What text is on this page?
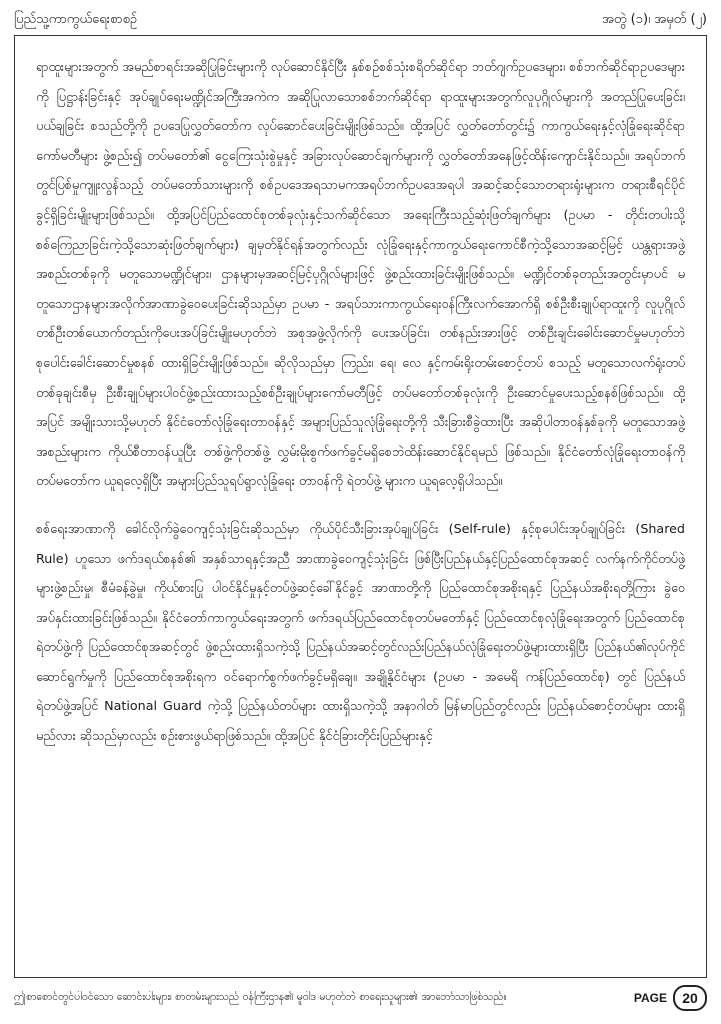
ပြည်သူ့ကာကွယ်ရေးစာစဉ်	အတွဲ (၁)၊ အမှတ် (၂)

ရာထူးများအတွက် အမည်စာရင်းအဆိုပြုခြင်းများကို လုပ်ဆောင်နိုင်ပြီး နှစ်စဉ်စစ်သုံးစရိတ်ဆိုင်ရာ ဘတ်ဂျက်ဥပဒေများ၊ စစ်ဘက်ဆိုင်ရာဥပဒေများကို ပြဋ္ဌာန်းခြင်းနှင့် အုပ်ချုပ်ရေးမဏ္ဍိုင်အကြီးအကဲက အဆိုပြုလာသောစစ်ဘက်ဆိုင်ရာ ရာထူးများအတွက်လူပုဂ္ဂိုလ်များကို အတည်ပြုပေးခြင်း၊ ပယ်ချခြင်း စသည်တို့ကို ဥပဒေပြုလွှတ်တော်က လုပ်ဆောင်ပေးခြင်းမျိုးဖြစ်သည်။ ထို့အပြင် လွှတ်တော်တွင်း၌ ကာကွယ်ရေးနှင့်လုံခြုံရေးဆိုင်ရာကော်မတီများ ဖွဲ့စည်း၍ တပ်မတော်၏ ငွေကြေးသုံးစွဲမှုနှင့် အခြားလုပ်ဆောင်ချက်များကို လွှတ်တော်အနေဖြင့်ထိန်းကျောင်းနိုင်သည်။ အရပ်ဘက်တွင်ပြစ်မှုကျူးလွန်သည့် တပ်မတော်သားများကို စစ်ဥပဒေအရသာမကအရပ်ဘက်ဥပဒေအရပါ အဆင့်ဆင့်သောတရားရုံးများက တရားစီရင်ပိုင်ခွင့်ရှိခြင်းမျိုးများဖြစ်သည်။ ထို့အပြင်ပြည်ထောင်စုတစ်ခုလုံးနှင့်သက်ဆိုင်သော အရေးကြီးသည့်ဆုံးဖြတ်ချက်များ (ဥပမာ - တိုင်းတပါးသို့စစ်ကြေညာခြင်းကဲ့သို့သောဆုံးဖြတ်ချက်များ) ချမှတ်နိုင်ရန်အတွက်လည်း လုံခြုံရေးနှင့်ကာကွယ်ရေးကောင်စီကဲ့သို့သောအဆင့်မြင့် ယန္တရားအဖွဲ့အစည်းတစ်ခုကို မတူသောမဏ္ဍိုင်များ၊ ဌာနများမှအဆင့်မြင့်ပုဂ္ဂိုလ်များဖြင့် ဖွဲ့စည်းထားခြင်းမျိုးဖြစ်သည်။ မဏ္ဍိုင်တစ်ခုတည်းအတွင်းမှာပင် မတူသောဌာနများအလိုက်အာဏာခွဲဝေပေးခြင်းဆိုသည်မှာ ဥပမာ - အရပ်သားကာကွယ်ရေးဝန်ကြီးလက်အောက်ရှိ စစ်ဦးစီးချုပ်ရာထူးကို လူပုဂ္ဂိုလ်တစ်ဦးတစ်ယောက်တည်းကိုပေးအပ်ခြင်းမျိုးမဟုတ်ဘဲ အစုအဖွဲ့လိုက်ကို ပေးအပ်ခြင်း၊ တစ်နည်းအားဖြင့် တစ်ဦးချင်းခေါင်းဆောင်မှုမဟုတ်ဘဲ စုပေါင်းခေါင်းဆောင်မှုစနစ် ထားရှိခြင်းမျိုးဖြစ်သည်။ ဆိုလိုသည်မှာ ကြည်း၊ ရေ၊ လေ နှင့်ကမ်းရိုးတမ်းစောင့်တပ် စသည့် မတူသောလက်ရုံးတပ်တစ်ခုချင်းစီမှ ဦးစီးချုပ်များပါဝင်ဖွဲ့စည်းထားသည့်စစ်ဦးချုပ်များကော်မတီဖြင့် တပ်မတော်တစ်ခုလုံးကို ဦးဆောင်မှုပေးသည့်စနစ်ဖြစ်သည်။ ထို့အပြင် အမျိုးသားသို့မဟုတ် နိုင်ငံတော်လုံခြုံရေးတာဝန်နှင့် အများပြည်သူလုံခြုံရေးတို့ကို သီးခြားစီခွဲထားပြီး အဆိုပါတာဝန်နှစ်ခုကို မတူသောအဖွဲ့အစည်းများက ကိုယ်စီတာဝန်ယူပြီး တစ်ဖွဲ့ကိုတစ်ဖွဲ့ လွှမ်းမိုးစွက်ဖက်ခွင့်မရှိစေဘဲထိန်းဆောင်နိုင်ရမည် ဖြစ်သည်။ နိုင်ငံတော်လုံခြုံရေးတာဝန်ကို တပ်မတော်က ယူရလေ့ရှိပြီး အများပြည်သူရပ်ရွာလုံခြုံရေး တာဝန်ကို ရဲတပ်ဖွဲ့ များက ယူရလေ့ရှိပါသည်။

စစ်ရေးအာဏာကို ခေါင်လိုက်ခွဲဝေကျင့်သုံးခြင်းဆိုသည်မှာ ကိုယ်ပိုင်သီးခြားအုပ်ချုပ်ခြင်း (Self-rule) နှင့်စုပေါင်းအုပ်ချုပ်ခြင်း (Shared Rule) ဟူသော ဖက်ဒရယ်စနစ်၏ အနှစ်သာရနှင့်အညီ အာဏာခွဲဝေကျင့်သုံးခြင်း ဖြစ်ပြီးပြည်နယ်နှင့်ပြည်ထောင်စုအဆင့် လက်နက်ကိုင်တပ်ဖွဲ့များဖွဲ့စည်းမှု၊ စီမံခန့်ခွဲမှု၊ ကိုယ်စားပြု ပါဝင်နိုင်မှုနှင့်တပ်ဖွဲ့ဆင့်ခေါ်နိုင်ခွင့် အာဏာတို့ကို ပြည်ထောင်စုအစိုးရနှင့် ပြည်နယ်အစိုးရတို့ကြား ခွဲဝေအပ်နှင်းထားခြင်းဖြစ်သည်။ နိုင်ငံတော်ကာကွယ်ရေးအတွက် ဖက်ဒရယ်ပြည်ထောင်စုတပ်မတော်နှင့် ပြည်ထောင်စုလုံခြုံရေးအတွက် ပြည်ထောင်စုရဲတပ်ဖွဲ့ကို ပြည်ထောင်စုအဆင့်တွင် ဖွဲ့စည်းထားရှိသကဲ့သို့ ပြည်နယ်အဆင့်တွင်လည်းပြည်နယ်လုံခြုံရေးတပ်ဖွဲ့များထားရှိပြီး ပြည်နယ်၏လုပ်ကိုင် ဆောင်ရွက်မှုကို ပြည်ထောင်စုအစိုးရက ဝင်ရောက်စွက်ဖက်ခွင့်မရှိချေ။ အချို့နိုင်ငံများ (ဥပမာ - အမေရိ ကန်ပြည်ထောင်စု) တွင် ပြည်နယ်ရဲတပ်ဖွဲ့အပြင် National Guard ကဲ့သို့ ပြည်နယ်တပ်များ ထားရှိသကဲ့သို့ အနာဂါတ် မြန်မာပြည်တွင်လည်း ပြည်နယ်စောင့်တပ်များ ထားရှိမည်လား ဆိုသည်မှာလည်း စဉ်းစားဖွယ်ရာဖြစ်သည်။ ထို့အပြင် နိုင်ငံခြားတိုင်းပြည်များနှင့်

ဤစာစောင်တွင်ပါဝင်သော ဆောင်းပါးများ၊ စာတမ်းများသည် ဝန်ကြီးဌာန၏ မူဝါဒ မဟုတ်ဘဲ စာရေးသူများ၏ အာဘော်သာဖြစ်သည်။	PAGE	20
